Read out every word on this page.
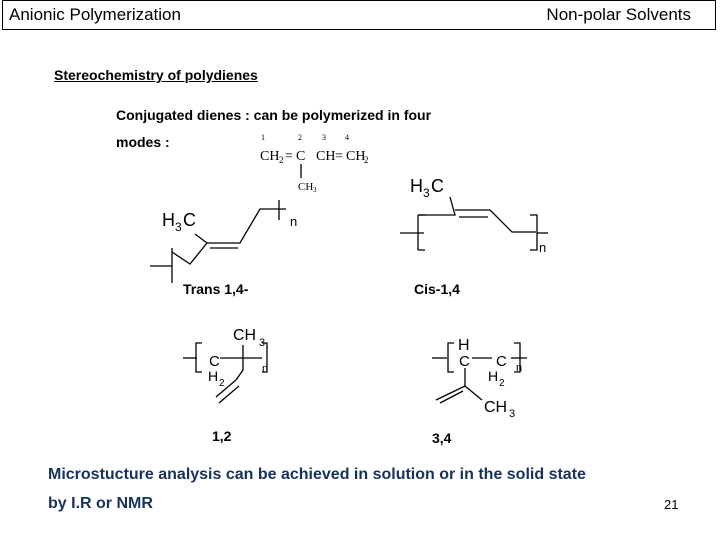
Anionic Polymerization	Non-polar Solvents
Stereochemistry of polydienes
Conjugated dienes : can be polymerized in four
modes :	1	2	3 4
CH 2 = C CH = CH
2
CH 3
H 3 C	n
H 3 C
n
CH 3
C
H 2
n
H
C C
H 2
CH 3
n
Trans 1,4-	Cis-1,4
1,2	3,4
Microstucture analysis can be achieved in solution or in the solid state
by I.R or NMR	21
